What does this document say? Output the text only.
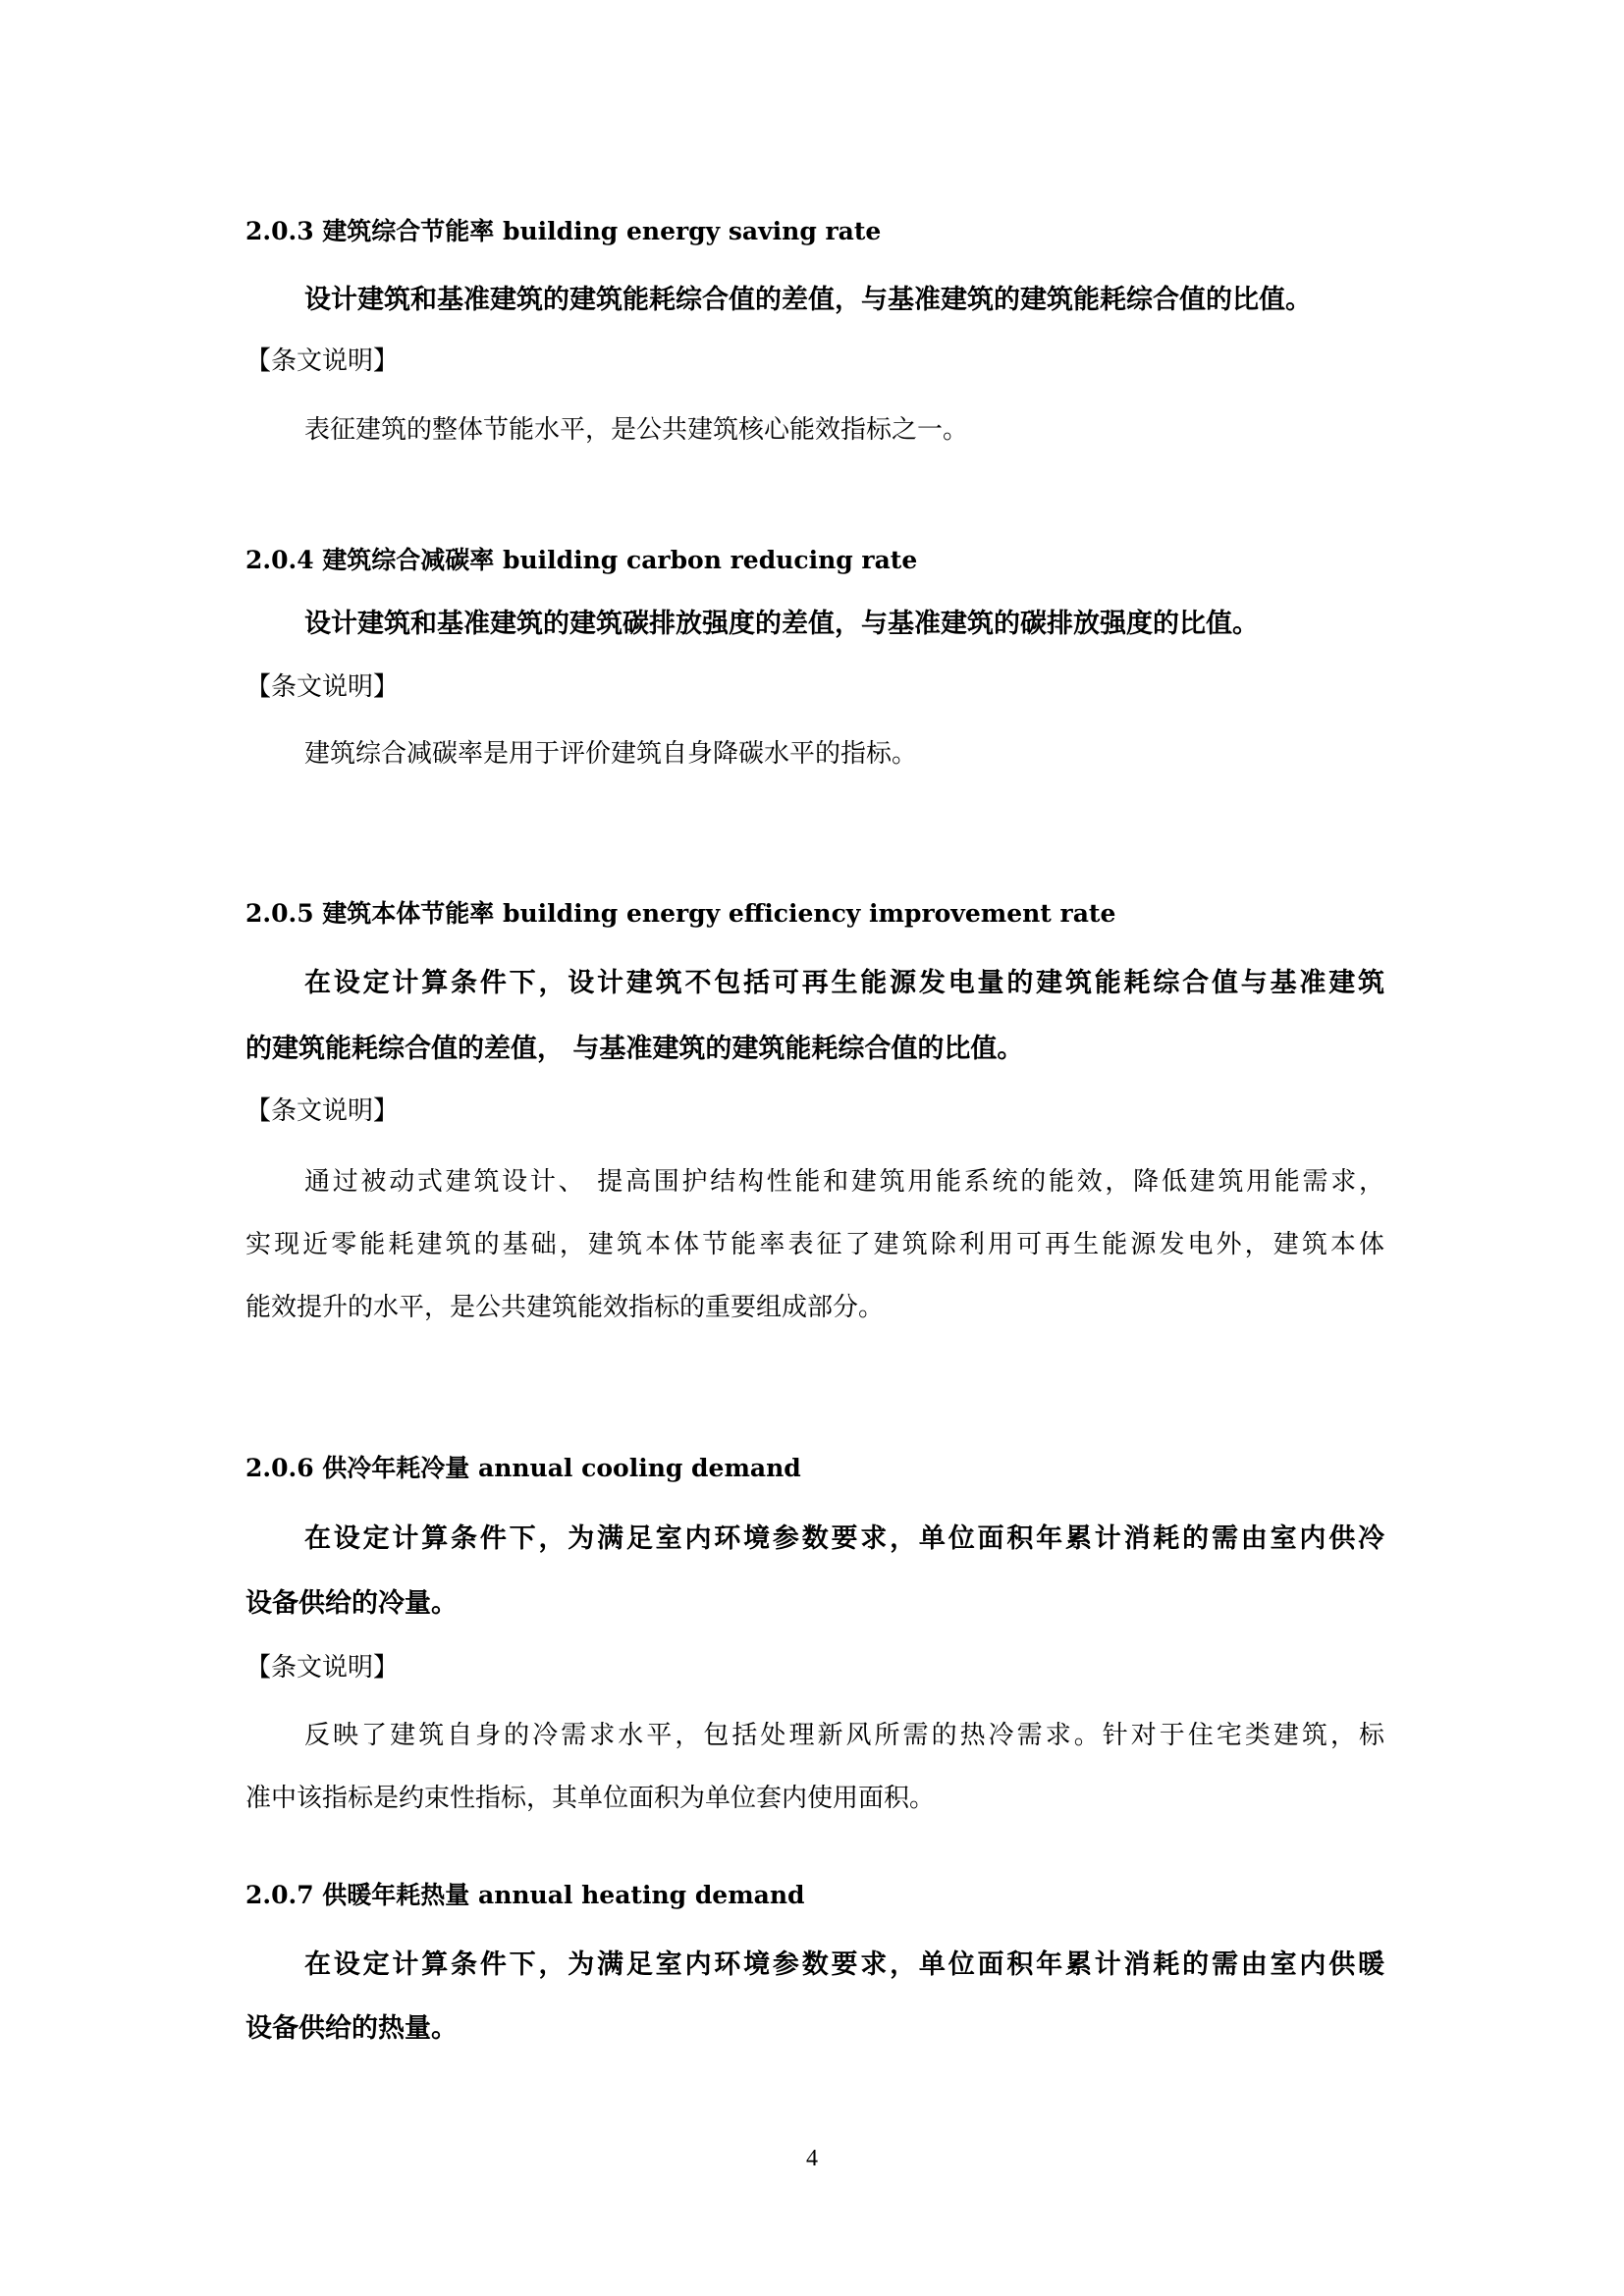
2.0.3 建筑综合节能率 building energy saving rate
设计建筑和基准建筑的建筑能耗综合值的差值，与基准建筑的建筑能耗综合值的比值。
【条文说明】
表征建筑的整体节能水平，是公共建筑核心能效指标之一。
2.0.4 建筑综合减碳率 building carbon reducing rate
设计建筑和基准建筑的建筑碳排放强度的差值，与基准建筑的碳排放强度的比值。
【条文说明】
建筑综合减碳率是用于评价建筑自身降碳水平的指标。
2.0.5 建筑本体节能率 building energy efficiency improvement rate
在设定计算条件下，设计建筑不包括可再生能源发电量的建筑能耗综合值与基准建筑
的建筑能耗综合值的差值， 与基准建筑的建筑能耗综合值的比值。
【条文说明】
通过被动式建筑设计、 提高围护结构性能和建筑用能系统的能效，降低建筑用能需求，
实现近零能耗建筑的基础，建筑本体节能率表征了建筑除利用可再生能源发电外，建筑本体
能效提升的水平，是公共建筑能效指标的重要组成部分。
2.0.6 供冷年耗冷量 annual cooling demand
在设定计算条件下，为满足室内环境参数要求，单位面积年累计消耗的需由室内供冷
设备供给的冷量。
【条文说明】
反映了建筑自身的冷需求水平，包括处理新风所需的热冷需求。针对于住宅类建筑，标
准中该指标是约束性指标，其单位面积为单位套内使用面积。
2.0.7 供暖年耗热量 annual heating demand
在设定计算条件下，为满足室内环境参数要求，单位面积年累计消耗的需由室内供暖
设备供给的热量。
4
